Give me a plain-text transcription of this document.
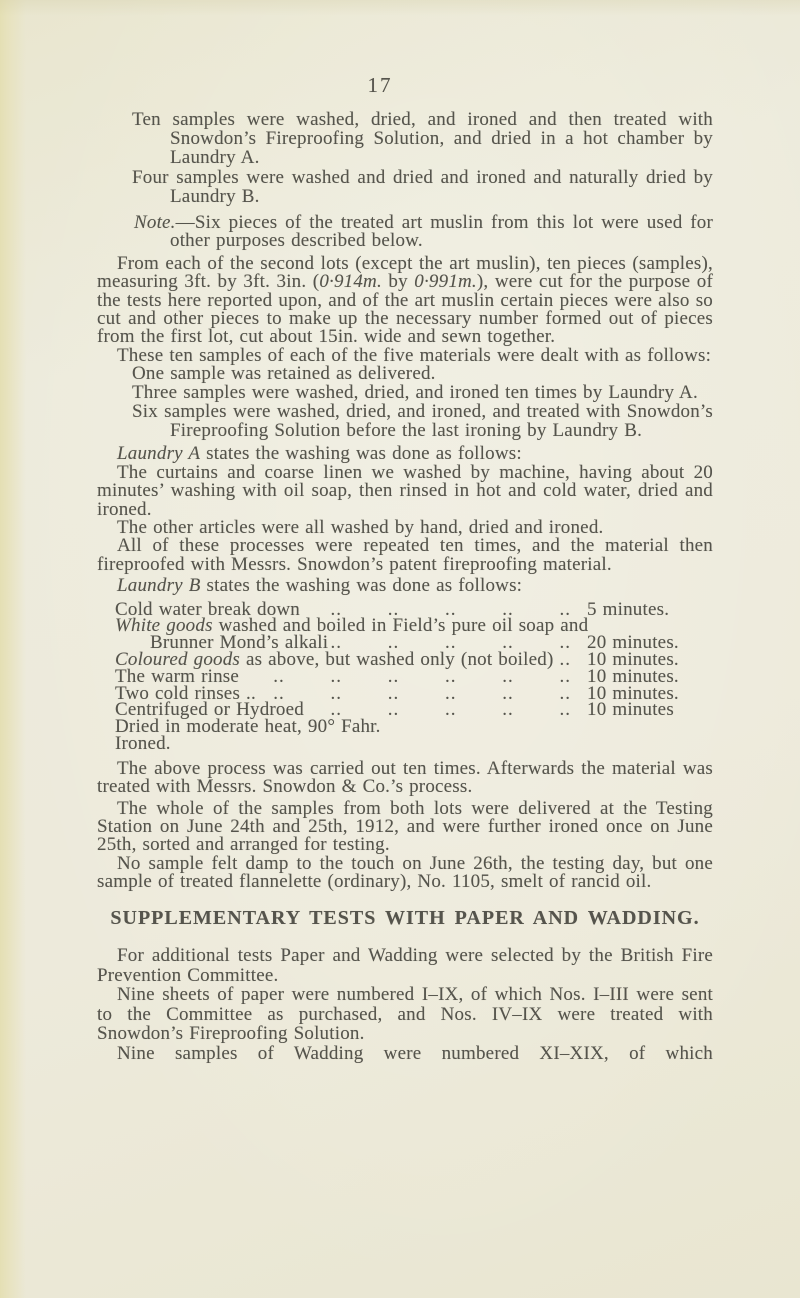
17

Ten samples were washed, dried, and ironed and then treated with Snowdon’s Fireproofing Solution, and dried in a hot chamber by Laundry A.

Four samples were washed and dried and ironed and naturally dried by Laundry B.

Note.—Six pieces of the treated art muslin from this lot were used for other purposes described below.

From each of the second lots (except the art muslin), ten pieces (samples), measuring 3ft. by 3ft. 3in. (0·914m. by 0·991m.), were cut for the purpose of the tests here reported upon, and of the art muslin certain pieces were also so cut and other pieces to make up the necessary number formed out of pieces from the first lot, cut about 15in. wide and sewn together.

These ten samples of each of the five materials were dealt with as follows:

One sample was retained as delivered.

Three samples were washed, dried, and ironed ten times by Laundry A.

Six samples were washed, dried, and ironed, and treated with Snowdon’s Fireproofing Solution before the last ironing by Laundry B.

Laundry A states the washing was done as follows:

The curtains and coarse linen we washed by machine, having about 20 minutes’ washing with oil soap, then rinsed in hot and cold water, dried and ironed.

The other articles were all washed by hand, dried and ironed.

All of these processes were repeated ten times, and the material then fireproofed with Messrs. Snowdon’s patent fireproofing material.

Laundry B states the washing was done as follows:

Cold water break down	.. .. .. .. .. 5 minutes.
White goods washed and boiled in Field’s pure oil soap and
Brunner Mond’s alkali .. .. .. .. .. 20 minutes.
Coloured goods as above, but washed only (not boiled) .. 10 minutes.
The warm rinse	.. .. .. .. .. .. 10 minutes.
Two cold rinses .. .. .. .. .. .. .. 10 minutes.
Centrifuged or Hydroed	.. .. .. .. .. 10 minutes
Dried in moderate heat, 90° Fahr.
Ironed.

The above process was carried out ten times. Afterwards the material was treated with Messrs. Snowdon & Co.’s process.

The whole of the samples from both lots were delivered at the Testing Station on June 24th and 25th, 1912, and were further ironed once on June 25th, sorted and arranged for testing.

No sample felt damp to the touch on June 26th, the testing day, but one sample of treated flannelette (ordinary), No. 1105, smelt of rancid oil.

SUPPLEMENTARY TESTS WITH PAPER AND WADDING.

For additional tests Paper and Wadding were selected by the British Fire Prevention Committee.

Nine sheets of paper were numbered I–IX, of which Nos. I–III were sent to the Committee as purchased, and Nos. IV–IX were treated with Snowdon’s Fireproofing Solution.

Nine samples of Wadding were numbered XI–XIX, of which
